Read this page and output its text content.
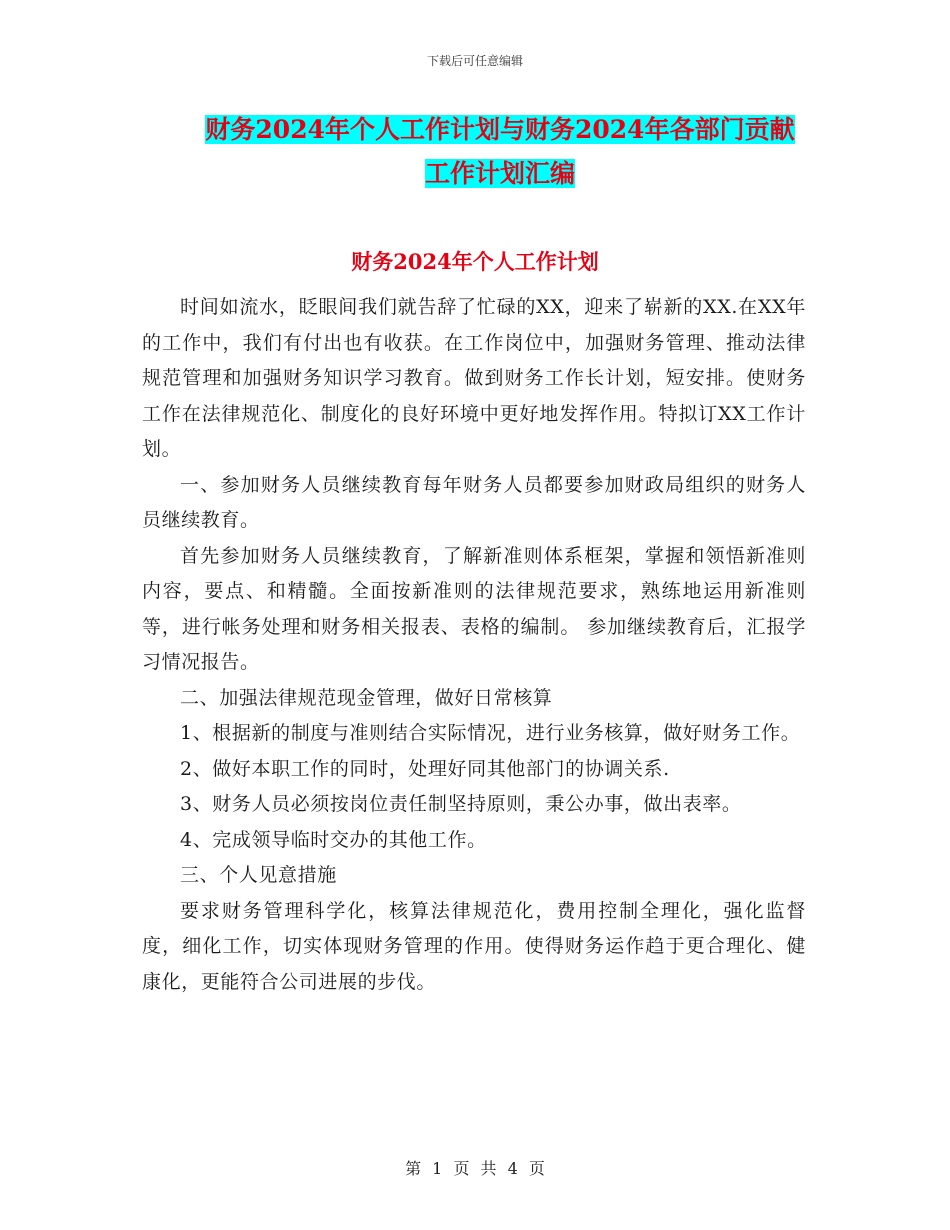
下载后可任意编辑
财务2024年个人工作计划与财务2024年各部门贡献
工作计划汇编
财务2024年个人工作计划

时间如流水，眨眼间我们就告辞了忙碌的XX，迎来了崭新的XX.在XX年的工作中，我们有付出也有收获。在工作岗位中，加强财务管理、推动法律规范管理和加强财务知识学习教育。做到财务工作长计划，短安排。使财务工作在法律规范化、制度化的良好环境中更好地发挥作用。特拟订XX工作计划。

一、参加财务人员继续教育每年财务人员都要参加财政局组织的财务人员继续教育。

首先参加财务人员继续教育，了解新准则体系框架，掌握和领悟新准则内容，要点、和精髓。全面按新准则的法律规范要求，熟练地运用新准则等，进行帐务处理和财务相关报表、表格的编制。 参加继续教育后，汇报学习情况报告。

二、加强法律规范现金管理，做好日常核算

1、根据新的制度与准则结合实际情况，进行业务核算，做好财务工作。

2、做好本职工作的同时，处理好同其他部门的协调关系.

3、财务人员必须按岗位责任制坚持原则，秉公办事，做出表率。

4、完成领导临时交办的其他工作。

三、个人见意措施

要求财务管理科学化，核算法律规范化，费用控制全理化，强化监督度，细化工作，切实体现财务管理的作用。使得财务运作趋于更合理化、健康化，更能符合公司进展的步伐。

第 1 页 共 4 页
